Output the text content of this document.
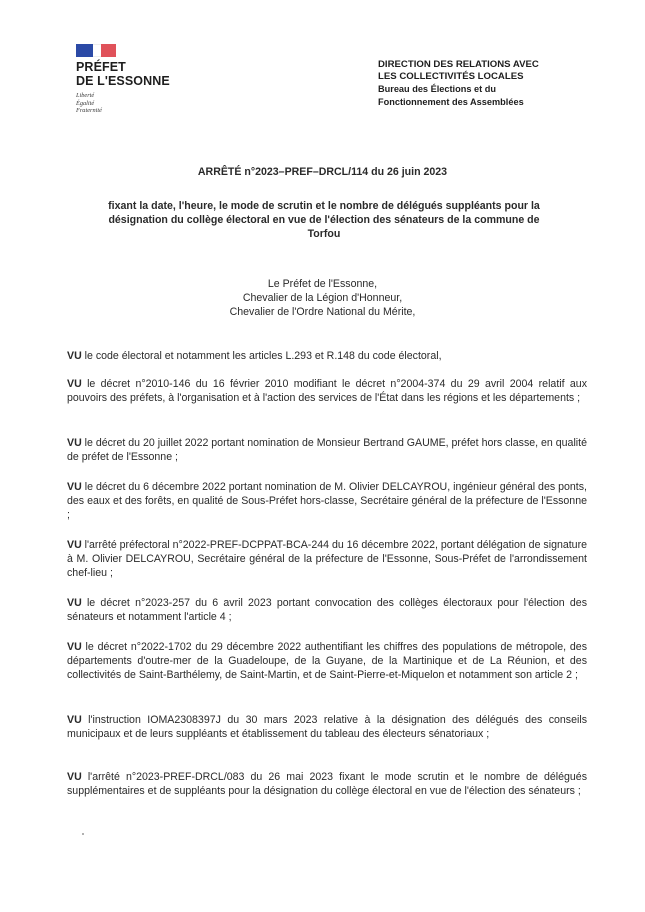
PRÉFET
DE L'ESSONNE
Liberté
Égalité
Fraternité
DIRECTION DES RELATIONS AVEC
LES COLLECTIVITÉS LOCALES
Bureau des Élections et du
Fonctionnement des Assemblées
ARRÊTÉ n°2023–PREF–DRCL/114 du 26 juin 2023
fixant la date, l'heure, le mode de scrutin et le nombre de délégués suppléants pour la désignation du collège électoral en vue de l'élection des sénateurs de la commune de Torfou
Le Préfet de l'Essonne,
Chevalier de la Légion d'Honneur,
Chevalier de l'Ordre National du Mérite,
VU le code électoral et notamment les articles L.293 et R.148 du code électoral,
VU le décret n°2010-146 du 16 février 2010 modifiant le décret n°2004-374 du 29 avril 2004 relatif aux pouvoirs des préfets, à l'organisation et à l'action des services de l'État dans les régions et les départements ;
VU le décret du 20 juillet 2022 portant nomination de Monsieur Bertrand GAUME, préfet hors classe, en qualité de préfet de l'Essonne ;
VU le décret du 6 décembre 2022 portant nomination de M. Olivier DELCAYROU, ingénieur général des ponts, des eaux et des forêts, en qualité de Sous-Préfet hors-classe, Secrétaire général de la préfecture de l'Essonne ;
VU l'arrêté préfectoral n°2022-PREF-DCPPAT-BCA-244 du 16 décembre 2022, portant délégation de signature à M. Olivier DELCAYROU, Secrétaire général de la préfecture de l'Essonne, Sous-Préfet de l'arrondissement chef-lieu ;
VU le décret n°2023-257 du 6 avril 2023 portant convocation des collèges électoraux pour l'élection des sénateurs et notamment l'article 4 ;
VU le décret n°2022-1702 du 29 décembre 2022 authentifiant les chiffres des populations de métropole, des départements d'outre-mer de la Guadeloupe, de la Guyane, de la Martinique et de La Réunion, et des collectivités de Saint-Barthélemy, de Saint-Martin, et de Saint-Pierre-et-Miquelon et notamment son article 2 ;
VU l'instruction IOMA2308397J du 30 mars 2023 relative à la désignation des délégués des conseils municipaux et de leurs suppléants et établissement du tableau des électeurs sénatoriaux ;
VU l'arrêté n°2023-PREF-DRCL/083 du 26 mai 2023 fixant le mode scrutin et le nombre de délégués supplémentaires et de suppléants pour la désignation du collège électoral en vue de l'élection des sénateurs ;
